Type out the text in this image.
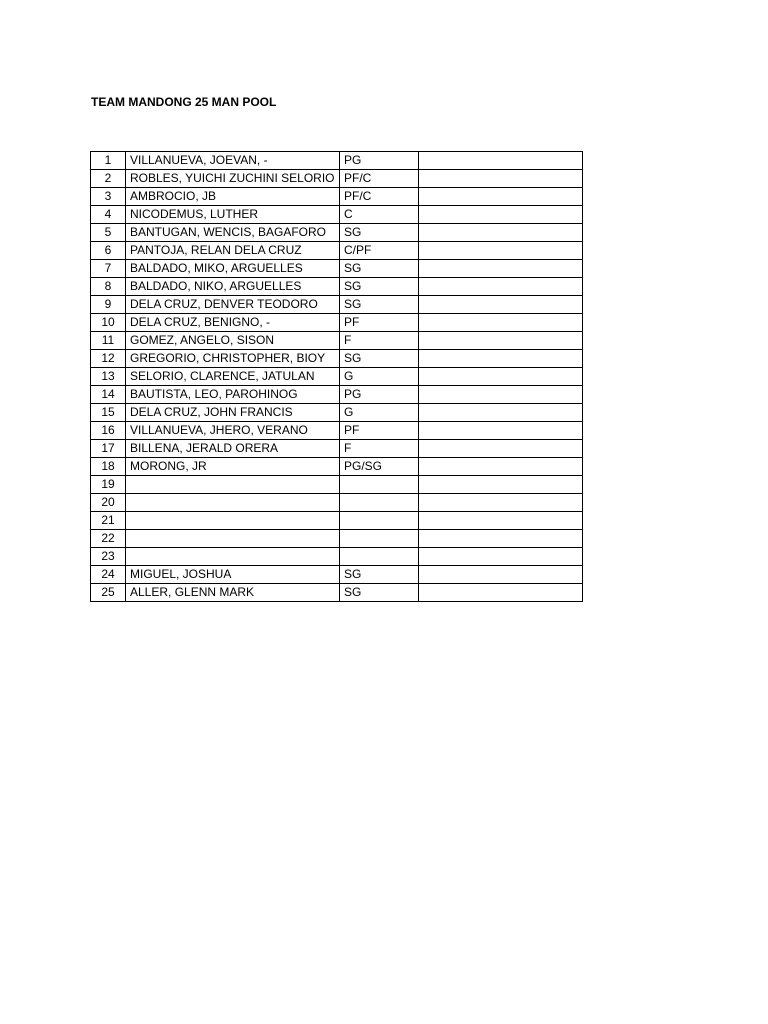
TEAM MANDONG 25 MAN POOL
1	VILLANUEVA, JOEVAN, -	PG	
2	ROBLES, YUICHI ZUCHINI SELORIO	PF/C	
3	AMBROCIO, JB	PF/C	
4	NICODEMUS, LUTHER	C	
5	BANTUGAN, WENCIS, BAGAFORO	SG	
6	PANTOJA, RELAN DELA CRUZ	C/PF	
7	BALDADO, MIKO, ARGUELLES	SG	
8	BALDADO, NIKO, ARGUELLES	SG	
9	DELA CRUZ, DENVER TEODORO	SG	
10	DELA CRUZ, BENIGNO, -	PF	
11	GOMEZ, ANGELO, SISON	F	
12	GREGORIO, CHRISTOPHER, BIOY	SG	
13	SELORIO, CLARENCE, JATULAN	G	
14	BAUTISTA, LEO, PAROHINOG	PG	
15	DELA CRUZ, JOHN FRANCIS	G	
16	VILLANUEVA, JHERO, VERANO	PF	
17	BILLENA, JERALD ORERA	F	
18	MORONG, JR	PG/SG	
19			
20			
21			
22			
23			
24	MIGUEL, JOSHUA	SG	
25	ALLER, GLENN MARK	SG	
